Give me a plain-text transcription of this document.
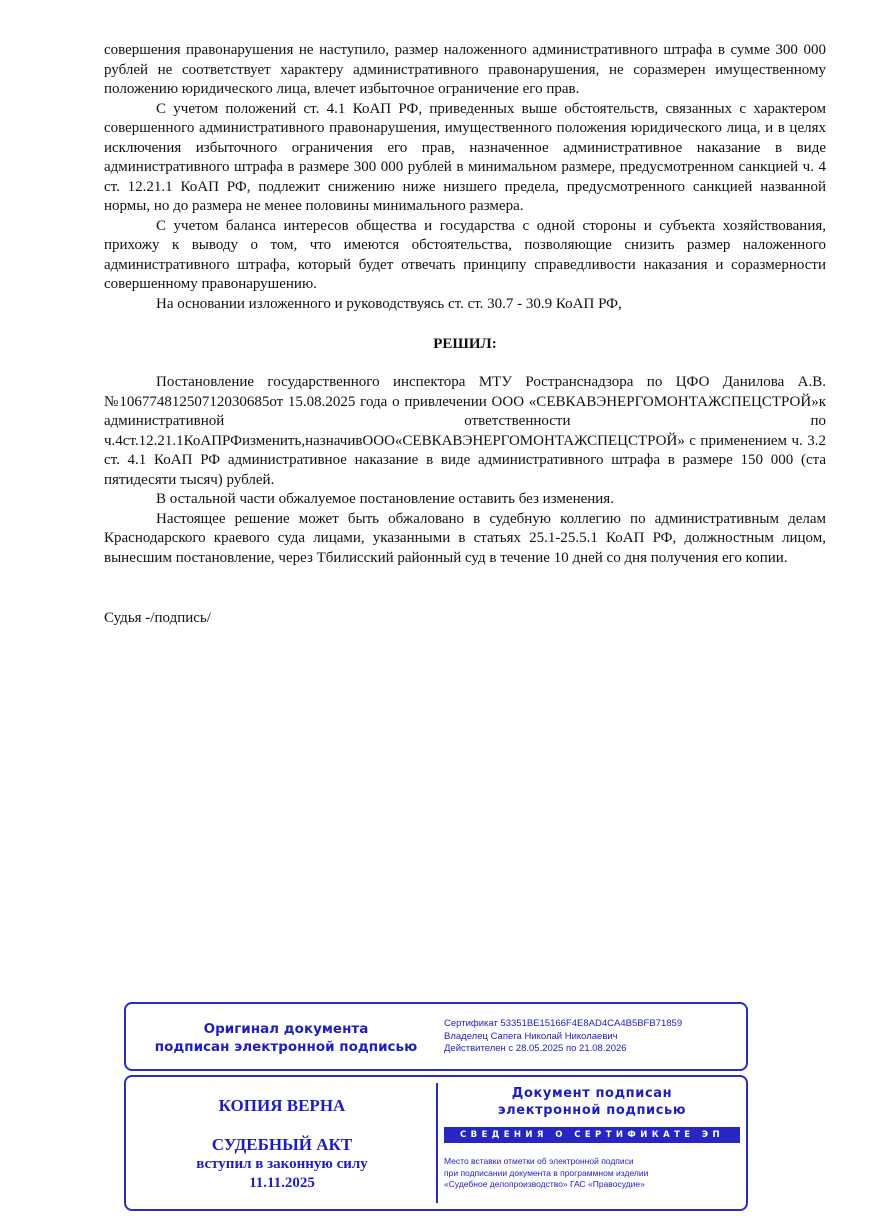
совершения правонарушения не наступило, размер наложенного административного штрафа в сумме 300 000 рублей не соответствует характеру административного правонарушения, не соразмерен имущественному положению юридического лица, влечет избыточное ограничение его прав.

С учетом положений ст. 4.1 КоАП РФ, приведенных выше обстоятельств, связанных с характером совершенного административного правонарушения, имущественного положения юридического лица, и в целях исключения избыточного ограничения его прав, назначенное административное наказание в виде административного штрафа в размере 300 000 рублей в минимальном размере, предусмотренном санкцией ч. 4 ст. 12.21.1 КоАП РФ, подлежит снижению ниже низшего предела, предусмотренного санкцией названной нормы, но до размера не менее половины минимального размера.

С учетом баланса интересов общества и государства с одной стороны и субъекта хозяйствования, прихожу к выводу о том, что имеются обстоятельства, позволяющие снизить размер наложенного административного штрафа, который будет отвечать принципу справедливости наказания и соразмерности совершенному правонарушению.

На основании изложенного и руководствуясь ст. ст. 30.7 - 30.9 КоАП РФ,

РЕШИЛ:

Постановление государственного инспектора МТУ Ространснадзора по ЦФО Данилова А.В. №10677481250712030685от 15.08.2025 года о привлечении ООО «СЕВКАВЭНЕРГОМОНТАЖСПЕЦСТРОЙ»к административной ответственности по ч.4ст.12.21.1КоАПРФизменить,назначивООО«СЕВКАВЭНЕРГОМОНТАЖСПЕЦСТРОЙ» с применением ч. 3.2 ст. 4.1 КоАП РФ административное наказание в виде административного штрафа в размере 150 000 (ста пятидесяти тысяч) рублей.

В остальной части обжалуемое постановление оставить без изменения.

Настоящее решение может быть обжаловано в судебную коллегию по административным делам Краснодарского краевого суда лицами, указанными в статьях 25.1-25.5.1 КоАП РФ, должностным лицом, вынесшим постановление, через Тбилисский районный суд в течение 10 дней со дня получения его копии.

Судья -/подпись/
Оригинал документа
подписан электронной подписью
Сертификат 53351BE15166F4E8AD4CA4B5BFB71859
Владелец Сапега Николай Николаевич
Действителен с 28.05.2025 по 21.08.2026
КОПИЯ ВЕРНА
СУДЕБНЫЙ АКТ
вступил в законную силу
11.11.2025
Документ подписан
электронной подписью
СВЕДЕНИЯ О СЕРТИФИКАТЕ ЭП
Место вставки отметки об электронной подписи
при подписании документа в программном изделии
«Судебное делопроизводство» ГАС «Правосудие»
